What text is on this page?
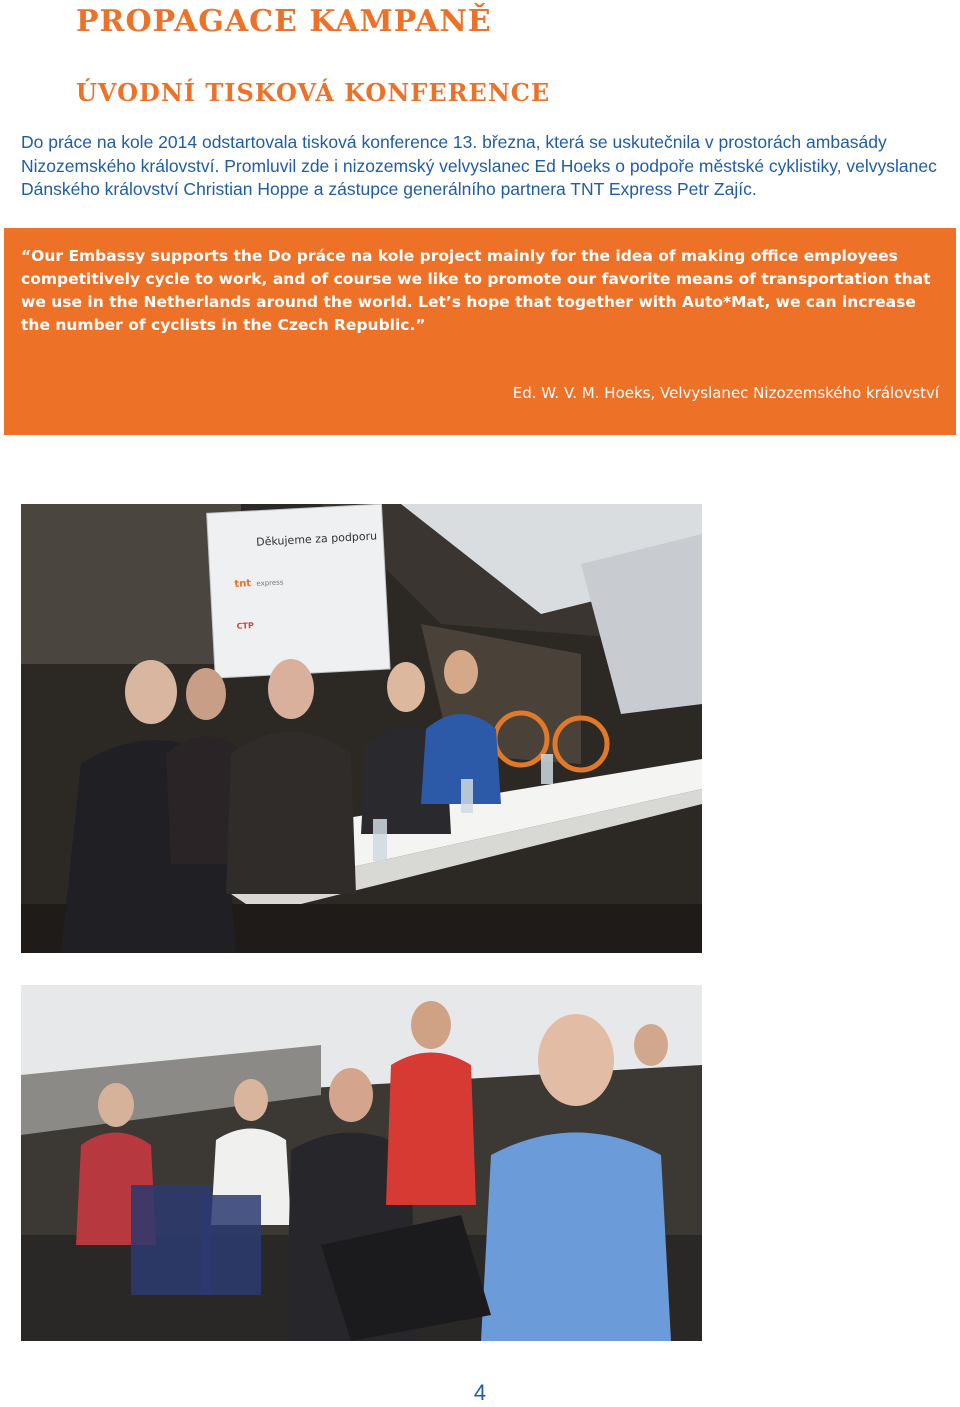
PROPAGACE KAMPANĚ
ÚVODNÍ TISKOVÁ KONFERENCE

Do práce na kole 2014 odstartovala tisková konference 13. března, která se uskutečnila v prostorách ambasády Nizozemského království. Promluvil zde i nizozemský velvyslanec Ed Hoeks o podpoře městské cyklistiky, velvyslanec Dánského království Christian Hoppe a zástupce generálního partnera TNT Express Petr Zajíc.

“Our Embassy supports the Do práce na kole project mainly for the idea of making office employees competitively cycle to work, and of course we like to promote our favorite means of transportation that we use in the Netherlands around the world. Let’s hope that together with Auto*Mat, we can increase the number of cyclists in the Czech Republic.”

Ed. W. V. M. Hoeks, Velvyslanec Nizozemského království

Děkujeme za podporu
tnt express
CTP

4
